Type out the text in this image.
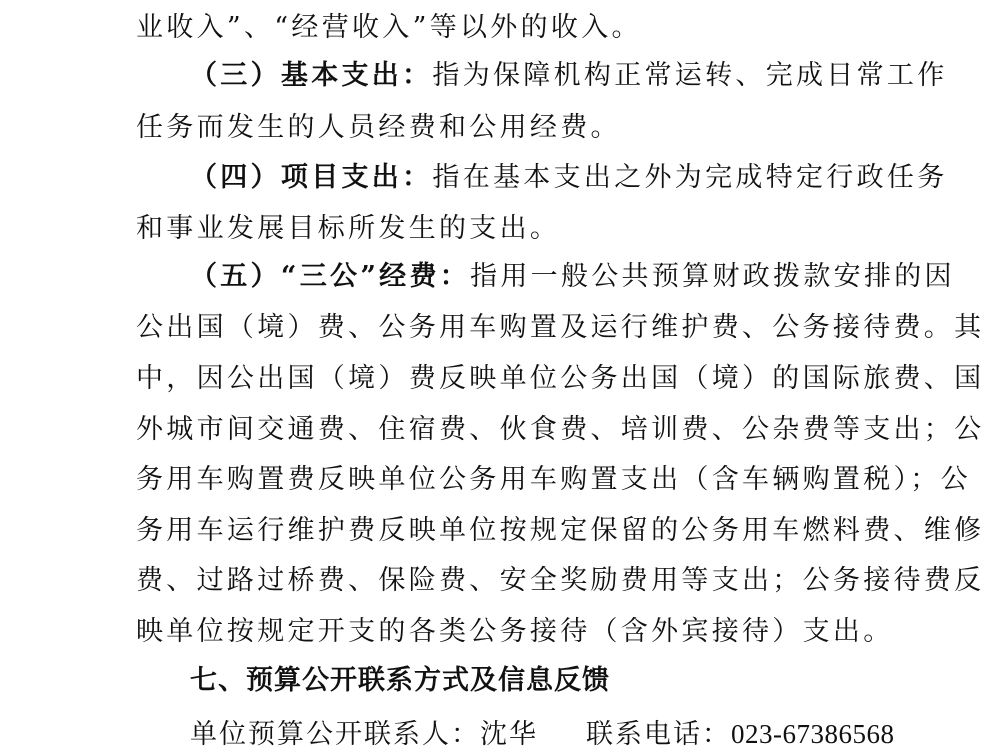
业收入”、“经营收入”等以外的收入。
（三）基本支出：指为保障机构正常运转、完成日常工作
任务而发生的人员经费和公用经费。
（四）项目支出：指在基本支出之外为完成特定行政任务
和事业发展目标所发生的支出。
（五）“三公”经费：指用一般公共预算财政拨款安排的因
公出国（境）费、公务用车购置及运行维护费、公务接待费。其
中，因公出国（境）费反映单位公务出国（境）的国际旅费、国
外城市间交通费、住宿费、伙食费、培训费、公杂费等支出；公
务用车购置费反映单位公务用车购置支出（含车辆购置税）；公
务用车运行维护费反映单位按规定保留的公务用车燃料费、维修
费、过路过桥费、保险费、安全奖励费用等支出；公务接待费反
映单位按规定开支的各类公务接待（含外宾接待）支出。
七、预算公开联系方式及信息反馈
单位预算公开联系人：沈华 联系电话：023-67386568
